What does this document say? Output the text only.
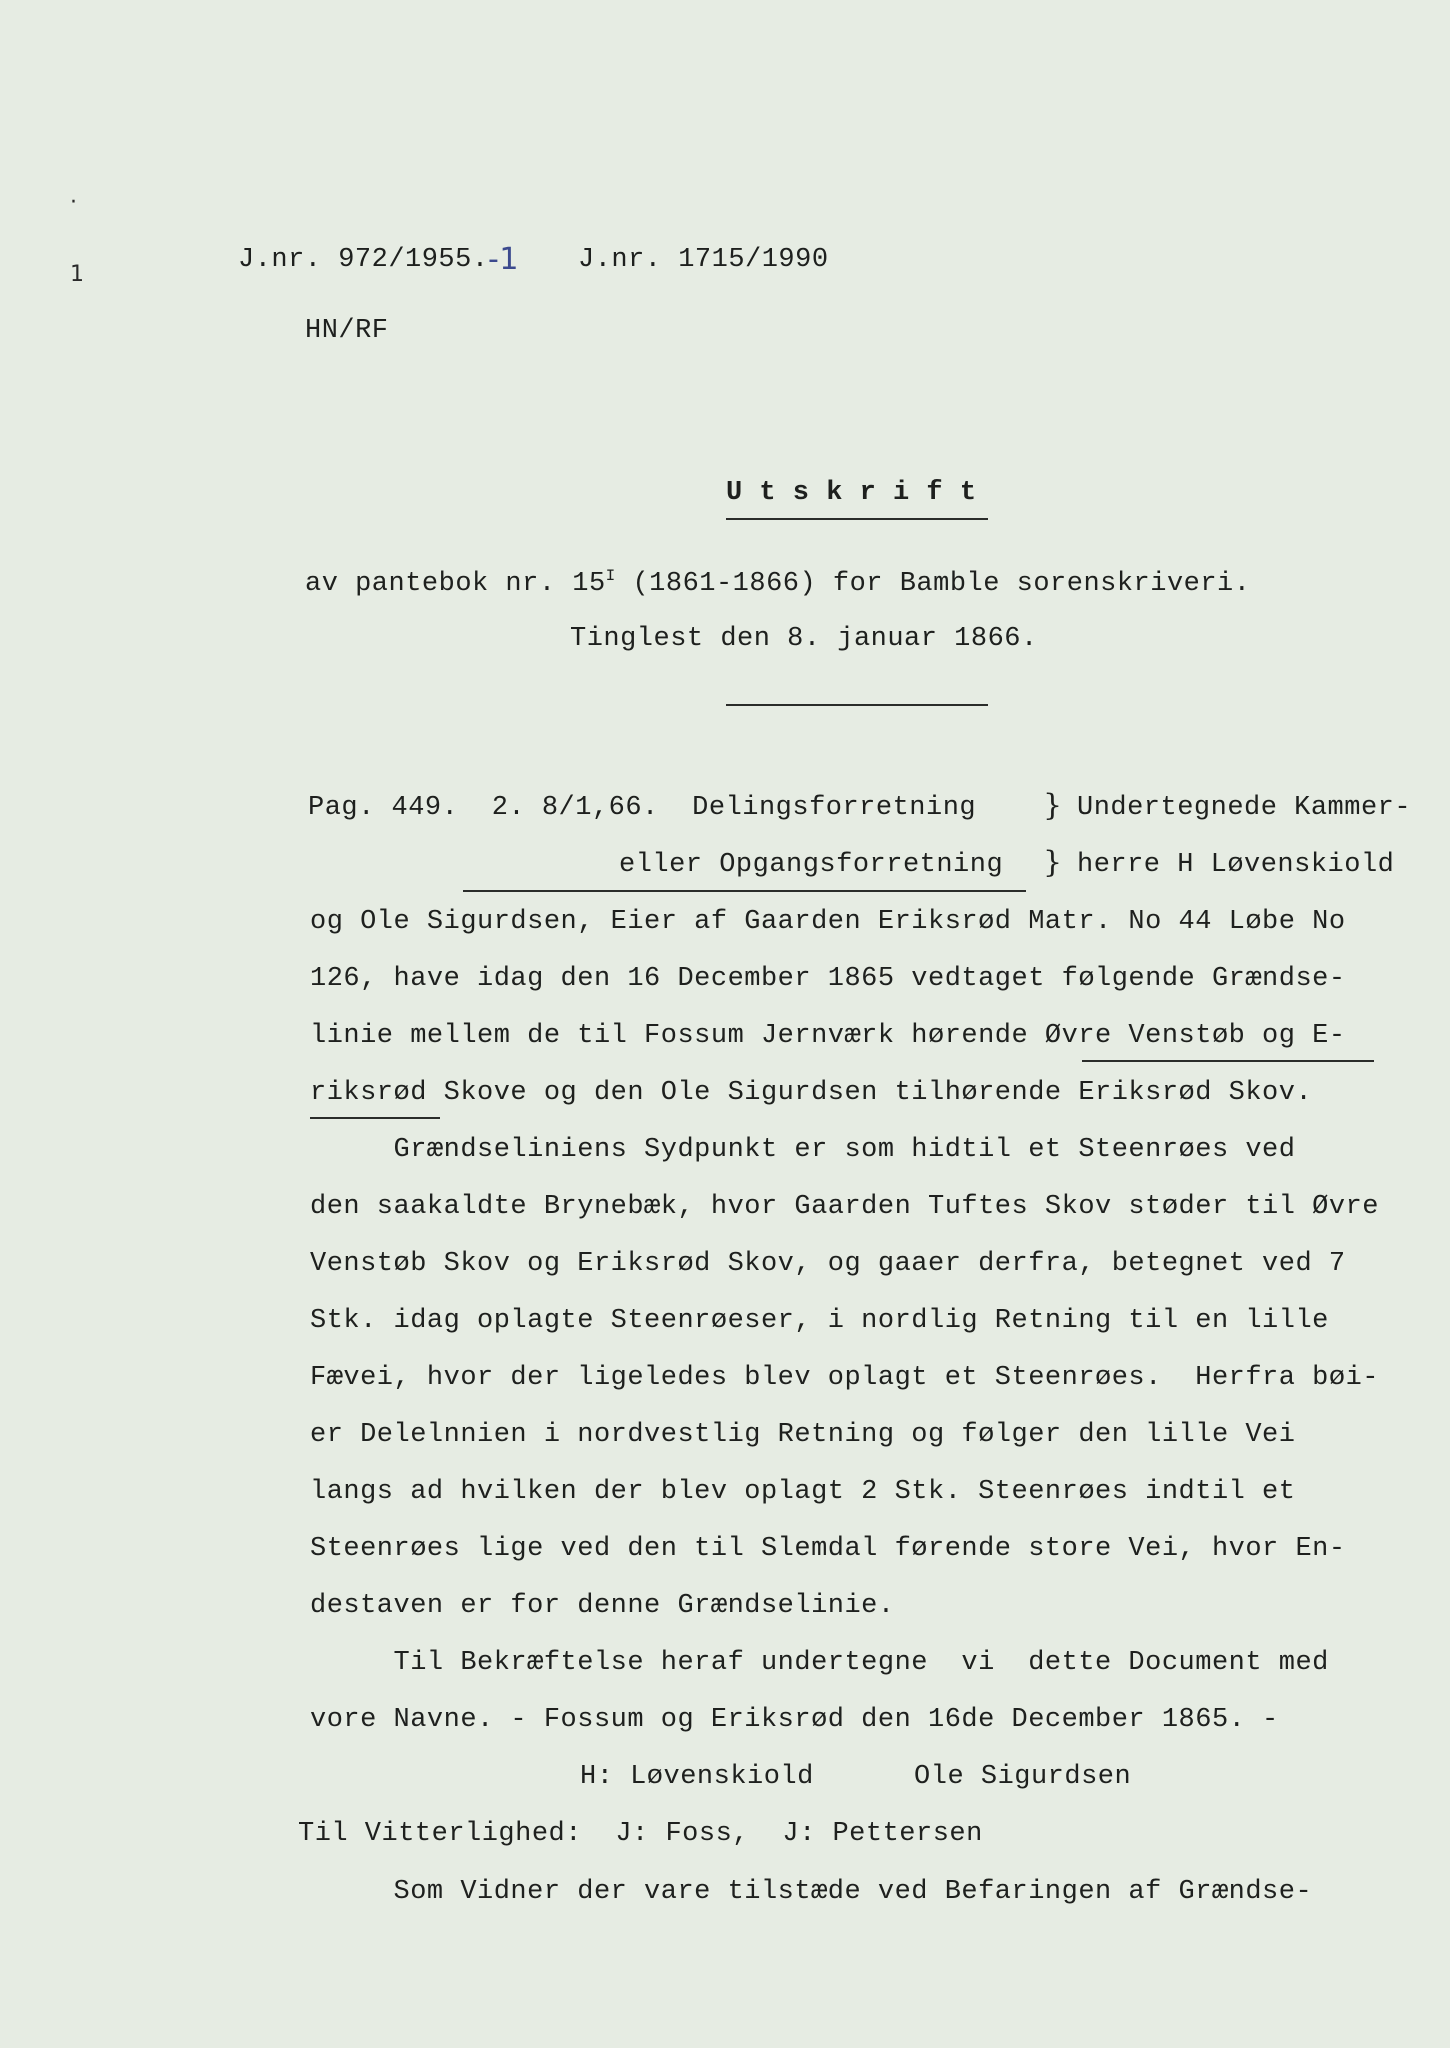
·
1	J.nr. 972/1955. -1 J.nr. 1715/1990
HN/RF
U t s k r i f t
av pantebok nr. $15^I$ (1861-1866) for Bamble sorenskriveri.
Tinglest den 8. januar 1866.
Pag. 449.  2. 8/1,66.  Delingsforretning
eller Opgangsforretning
}
}
Undertegnede Kammer-
herre H Løvenskiold
og Ole Sigurdsen, Eier af Gaarden Eriksrød Matr. No 44 Løbe No
126, have idag den 16 December 1865 vedtaget følgende Grændse-
linie mellem de til Fossum Jernværk hørende Øvre Venstøb og E-
riksrød Skove og den Ole Sigurdsen tilhørende Eriksrød Skov.
Grændseliniens Sydpunkt er som hidtil et Steenrøes ved
den saakaldte Brynebæk, hvor Gaarden Tuftes Skov støder til Øvre
Venstøb Skov og Eriksrød Skov, og gaaer derfra, betegnet ved 7
Stk. idag oplagte Steenrøeser, i nordlig Retning til en lille
Fævei, hvor der ligeledes blev oplagt et Steenrøes.  Herfra bøi-
er Delelnnien i nordvestlig Retning og følger den lille Vei
langs ad hvilken der blev oplagt 2 Stk. Steenrøes indtil et
Steenrøes lige ved den til Slemdal førende store Vei, hvor En-
destaven er for denne Grændselinie.
Til Bekræftelse heraf undertegne  vi  dette Document med
vore Navne. - Fossum og Eriksrød den 16de December 1865. -
H: Løvenskiold      Ole Sigurdsen
Til Vitterlighed:  J: Foss,  J: Pettersen
Som Vidner der vare tilstæde ved Befaringen af Grændse-
